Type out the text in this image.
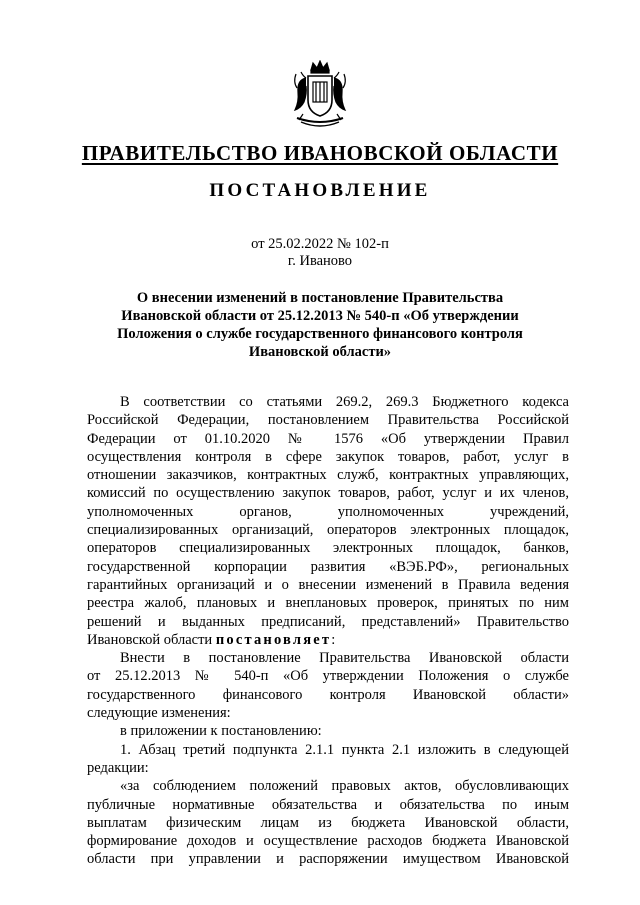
ПРАВИТЕЛЬСТВО ИВАНОВСКОЙ ОБЛАСТИ
ПОСТАНОВЛЕНИЕ
от 25.02.2022 № 102-п
г. Иваново
О внесении изменений в постановление Правительства
Ивановской области от 25.12.2013 № 540-п «Об утверждении
Положения о службе государственного финансового контроля
Ивановской области»
В соответствии со статьями 269.2, 269.3 Бюджетного кодекса
Российской Федерации, постановлением Правительства Российской
Федерации от 01.10.2020 № 1576 «Об утверждении Правил
осуществления контроля в сфере закупок товаров, работ, услуг в
отношении заказчиков, контрактных служб, контрактных управляющих,
комиссий по осуществлению закупок товаров, работ, услуг и их членов,
уполномоченных органов, уполномоченных учреждений,
специализированных организаций, операторов электронных площадок,
операторов специализированных электронных площадок, банков,
государственной корпорации развития «ВЭБ.РФ», региональных
гарантийных организаций и о внесении изменений в Правила ведения
реестра жалоб, плановых и внеплановых проверок, принятых по ним
решений и выданных предписаний, представлений» Правительство
Ивановской области постановляет:
Внести в постановление Правительства Ивановской области
от 25.12.2013 № 540-п «Об утверждении Положения о службе
государственного финансового контроля Ивановской области»
следующие изменения:
в приложении к постановлению:
1. Абзац третий подпункта 2.1.1 пункта 2.1 изложить в следующей
редакции:
«за соблюдением положений правовых актов, обусловливающих
публичные нормативные обязательства и обязательства по иным
выплатам физическим лицам из бюджета Ивановской области,
формирование доходов и осуществление расходов бюджета Ивановской
области при управлении и распоряжении имуществом Ивановской
